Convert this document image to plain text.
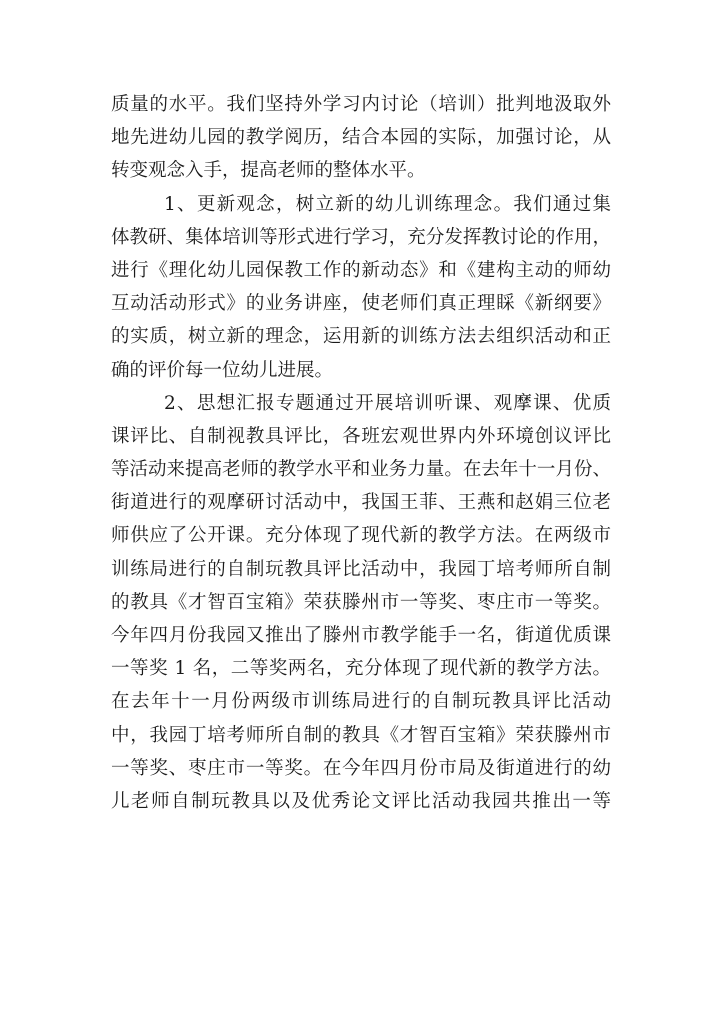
质量的水平。我们坚持外学习内讨论（培训）批判地汲取外
地先进幼儿园的教学阅历，结合本园的实际，加强讨论，从
转变观念入手，提高老师的整体水平。
1、更新观念，树立新的幼儿训练理念。我们通过集
体教研、集体培训等形式进行学习，充分发挥教讨论的作用，
进行《理化幼儿园保教工作的新动态》和《建构主动的师幼
互动活动形式》的业务讲座，使老师们真正理睬《新纲要》
的实质，树立新的理念，运用新的训练方法去组织活动和正
确的评价每一位幼儿进展。
2、思想汇报专题通过开展培训听课、观摩课、优质
课评比、自制视教具评比，各班宏观世界内外环境创议评比
等活动来提高老师的教学水平和业务力量。在去年十一月份、
街道进行的观摩研讨活动中，我国王菲、王燕和赵娟三位老
师供应了公开课。充分体现了现代新的教学方法。在两级市
训练局进行的自制玩教具评比活动中，我园丁培考师所自制
的教具《才智百宝箱》荣获滕州市一等奖、枣庄市一等奖。
今年四月份我园又推出了滕州市教学能手一名，街道优质课
一等奖 1 名，二等奖两名，充分体现了现代新的教学方法。
在去年十一月份两级市训练局进行的自制玩教具评比活动
中，我园丁培考师所自制的教具《才智百宝箱》荣获滕州市
一等奖、枣庄市一等奖。在今年四月份市局及街道进行的幼
儿老师自制玩教具以及优秀论文评比活动我园共推出一等
